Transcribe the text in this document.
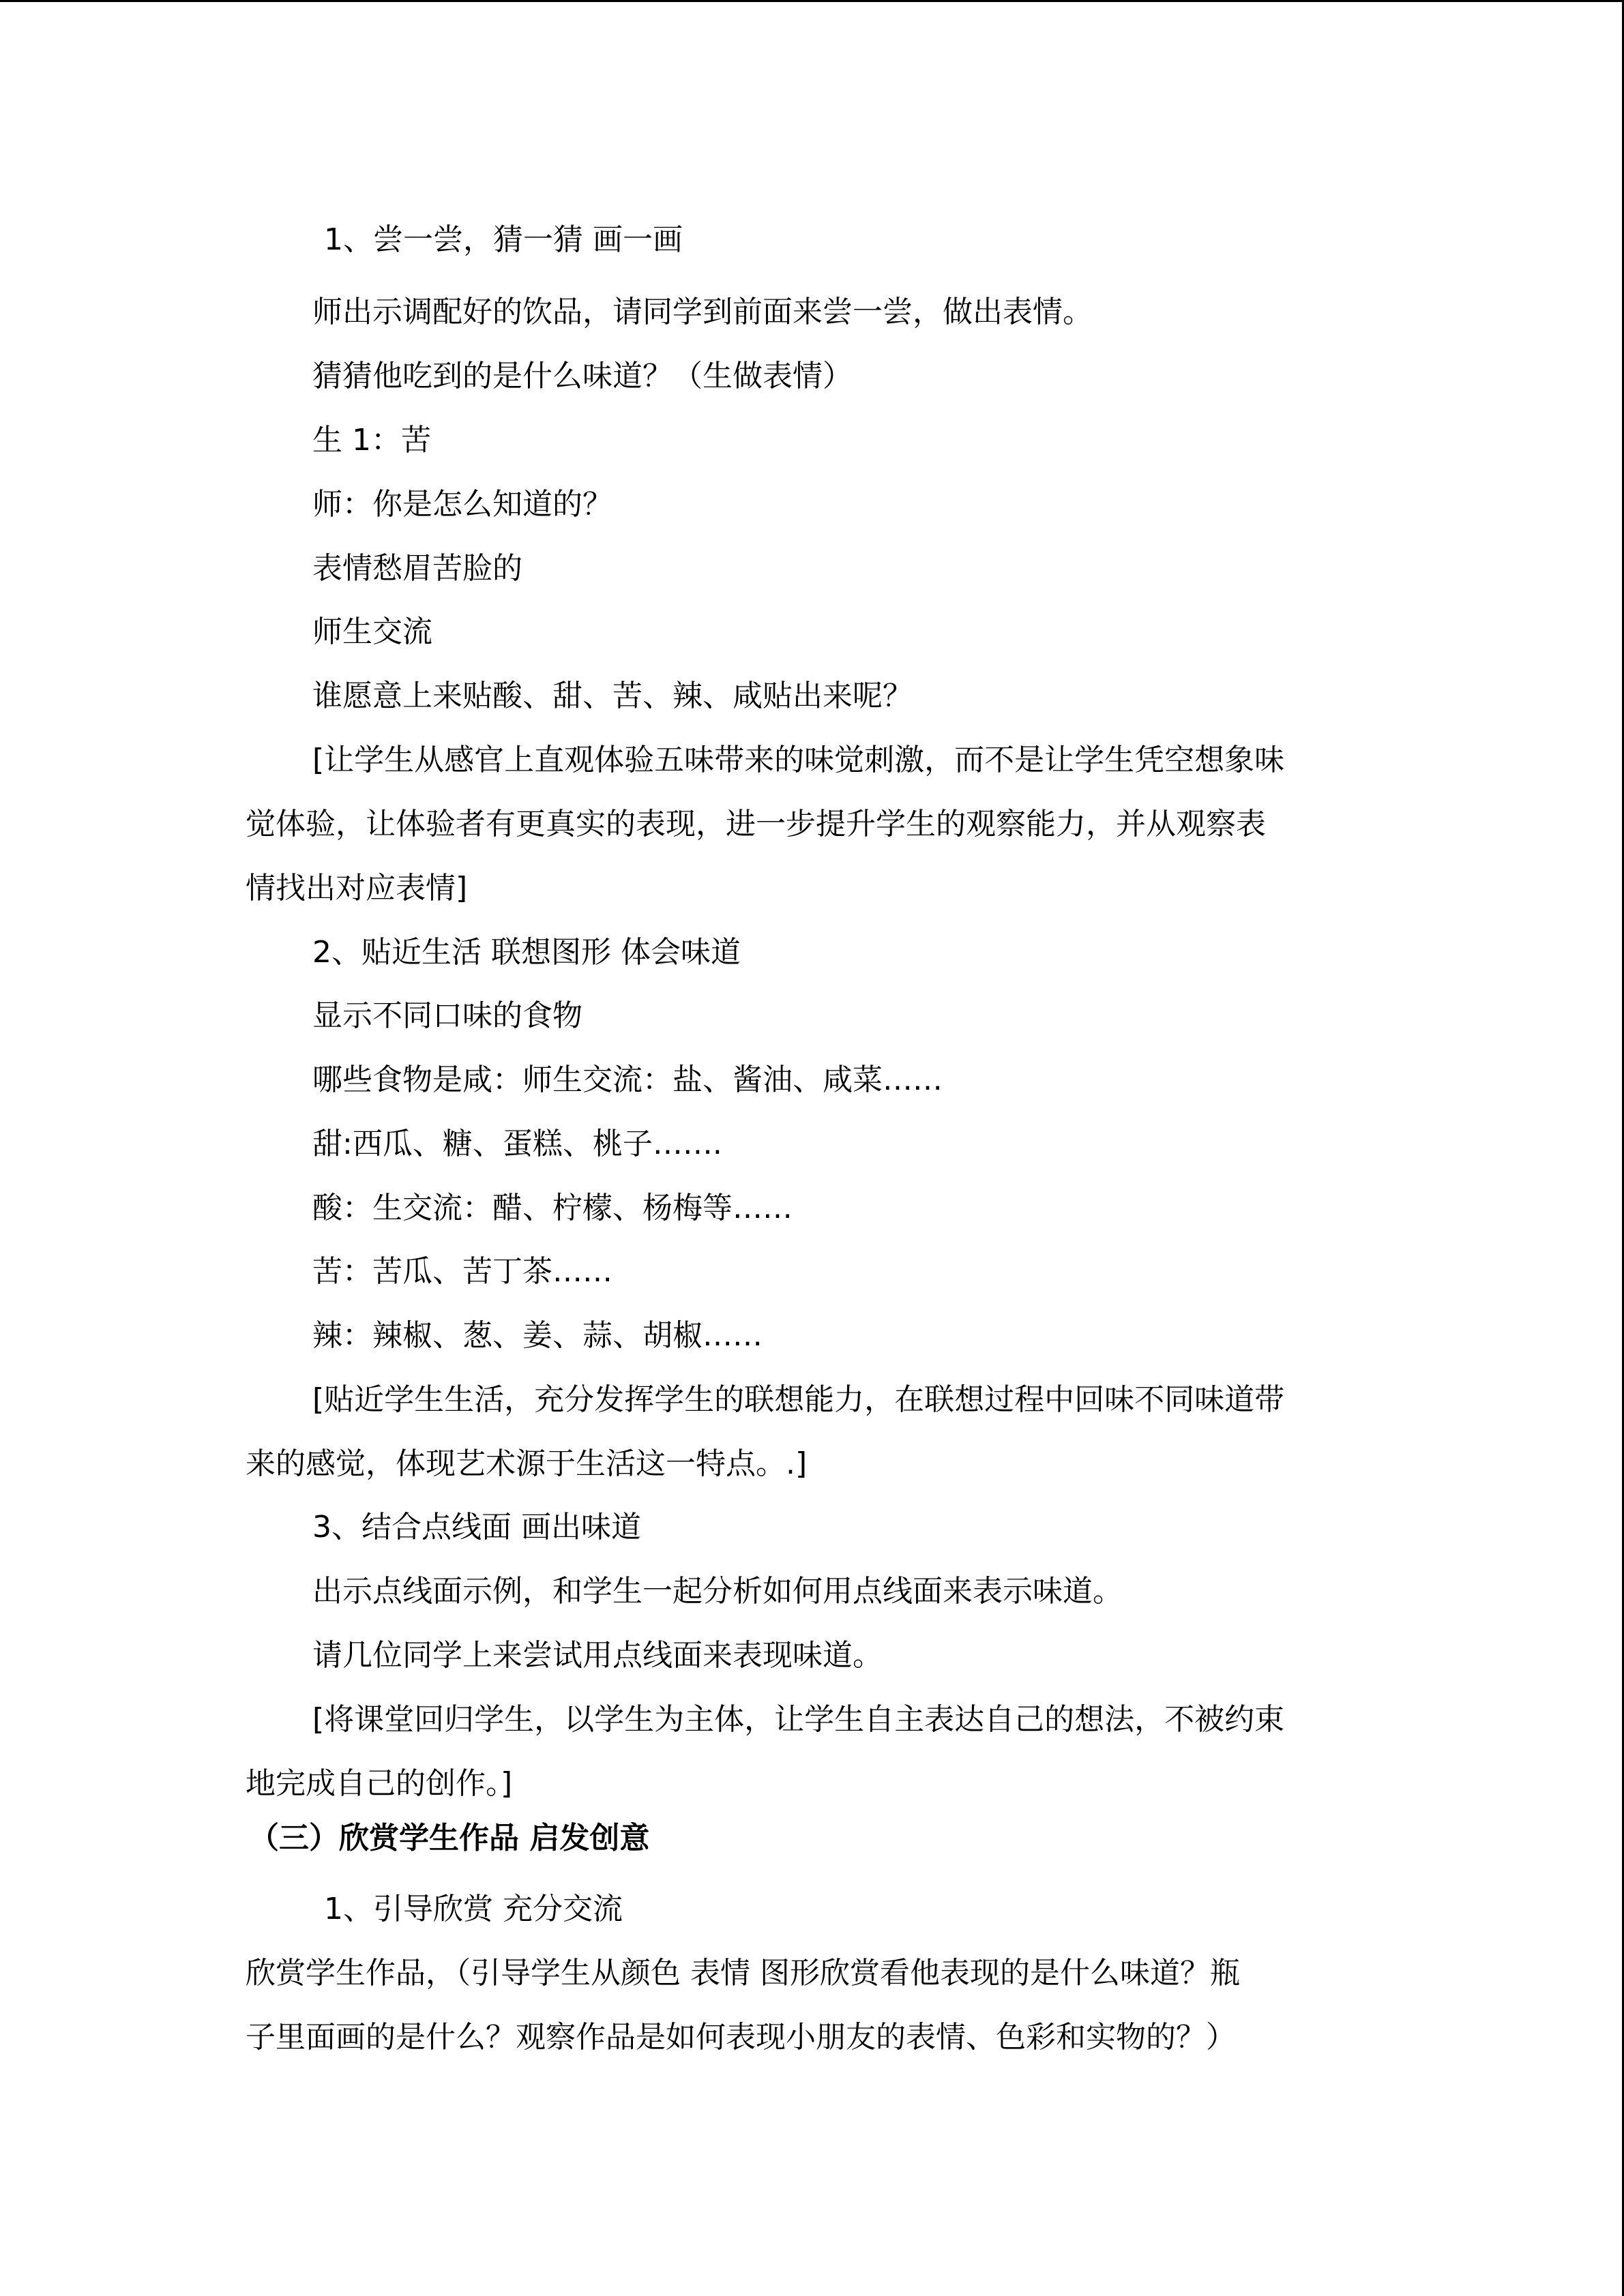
1、尝一尝，猜一猜 画一画
师出示调配好的饮品，请同学到前面来尝一尝，做出表情。
猜猜他吃到的是什么味道？（生做表情）
生 1：苦
师：你是怎么知道的？
表情愁眉苦脸的
师生交流
谁愿意上来贴酸、甜、苦、辣、咸贴出来呢？
[让学生从感官上直观体验五味带来的味觉刺激，而不是让学生凭空想象味
觉体验，让体验者有更真实的表现，进一步提升学生的观察能力，并从观察表
情找出对应表情]
2、贴近生活 联想图形 体会味道
显示不同口味的食物
哪些食物是咸：师生交流：盐、酱油、咸菜……
甜:西瓜、糖、蛋糕、桃子…….
酸：生交流：醋、柠檬、杨梅等……
苦：苦瓜、苦丁茶……
辣：辣椒、葱、姜、蒜、胡椒……
[贴近学生生活，充分发挥学生的联想能力，在联想过程中回味不同味道带
来的感觉，体现艺术源于生活这一特点。.]
3、结合点线面 画出味道
出示点线面示例，和学生一起分析如何用点线面来表示味道。
请几位同学上来尝试用点线面来表现味道。
[将课堂回归学生，以学生为主体，让学生自主表达自己的想法，不被约束
地完成自己的创作。]
（三）欣赏学生作品 启发创意
1、引导欣赏 充分交流
欣赏学生作品，（引导学生从颜色 表情 图形欣赏看他表现的是什么味道？瓶
子里面画的是什么？观察作品是如何表现小朋友的表情、色彩和实物的？）
